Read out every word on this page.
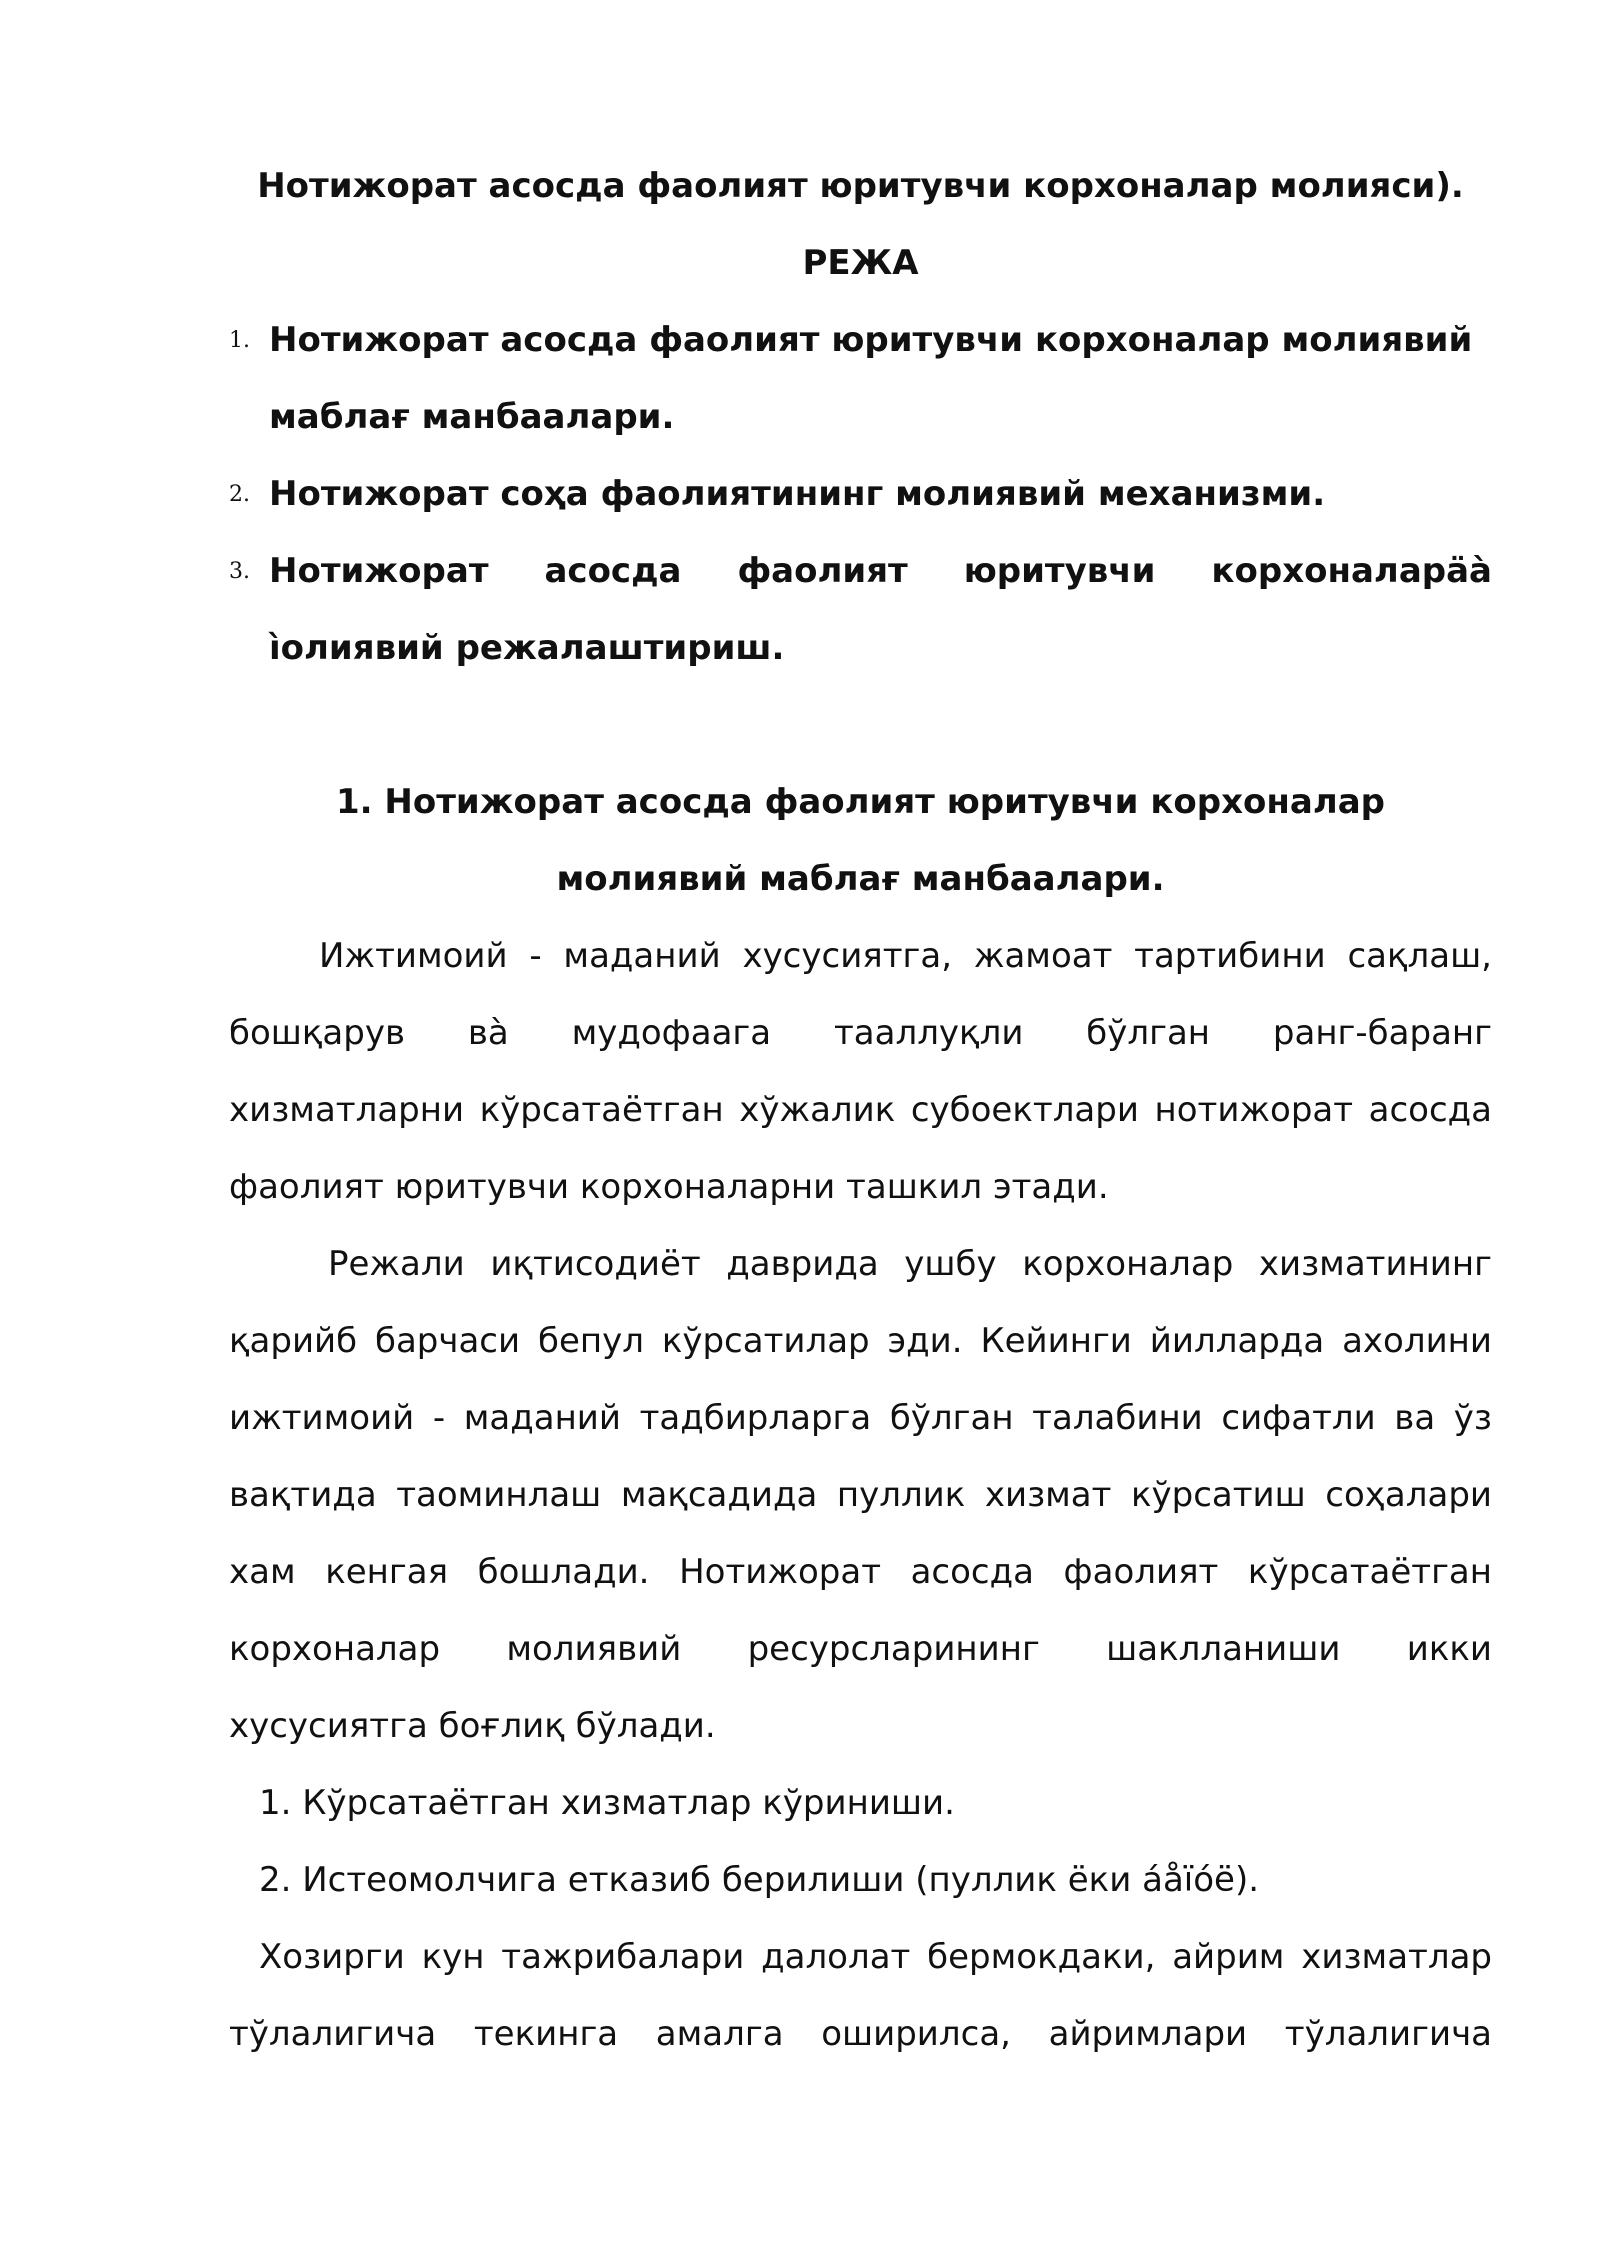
Нотижорат асосда фаолият юритувчи корхоналар молияси).
РЕЖА
1. Нотижорат асосда фаолият юритувчи корхоналар молиявий
маблағ манбаалари.
2. Нотижорат соҳа фаолиятининг молиявий механизми.
3. Нотижорат асосда фаолият юритувчи корхоналарäà
ìолиявий режалаштириш.
1. Нотижорат асосда фаолият юритувчи корхоналар
молиявий маблағ манбаалари.
Ижтимоий - маданий хусусиятга, жамоат тартибини сақлаш,
бошқарув вà мудофаага тааллуқли бўлган ранг-баранг
хизматларни кўрсатаётган хўжалик субоектлари нотижорат асосда
фаолият юритувчи корхоналарни ташкил этади.
Режали иқтисодиёт даврида ушбу корхоналар хизматининг
қарийб барчаси бепул кўрсатилар эди. Кейинги йилларда ахолини
ижтимоий - маданий тадбирларга бўлган талабини сифатли ва ўз
вақтида таоминлаш мақсадида пуллик хизмат кўрсатиш соҳалари
хам кенгая бошлади. Нотижорат асосда фаолият кўрсатаётган
корхоналар молиявий ресурсларининг шаклланиши икки
хусусиятга боғлиқ бўлади.
1. Кўрсатаётган хизматлар кўриниши.
2. Истеомолчига етказиб берилиши (пуллик ёки áåïóë).
Хозирги кун тажрибалари далолат бермокдаки, айрим хизматлар
тўлалигича текинга амалга оширилса, айримлари тўлалигича
